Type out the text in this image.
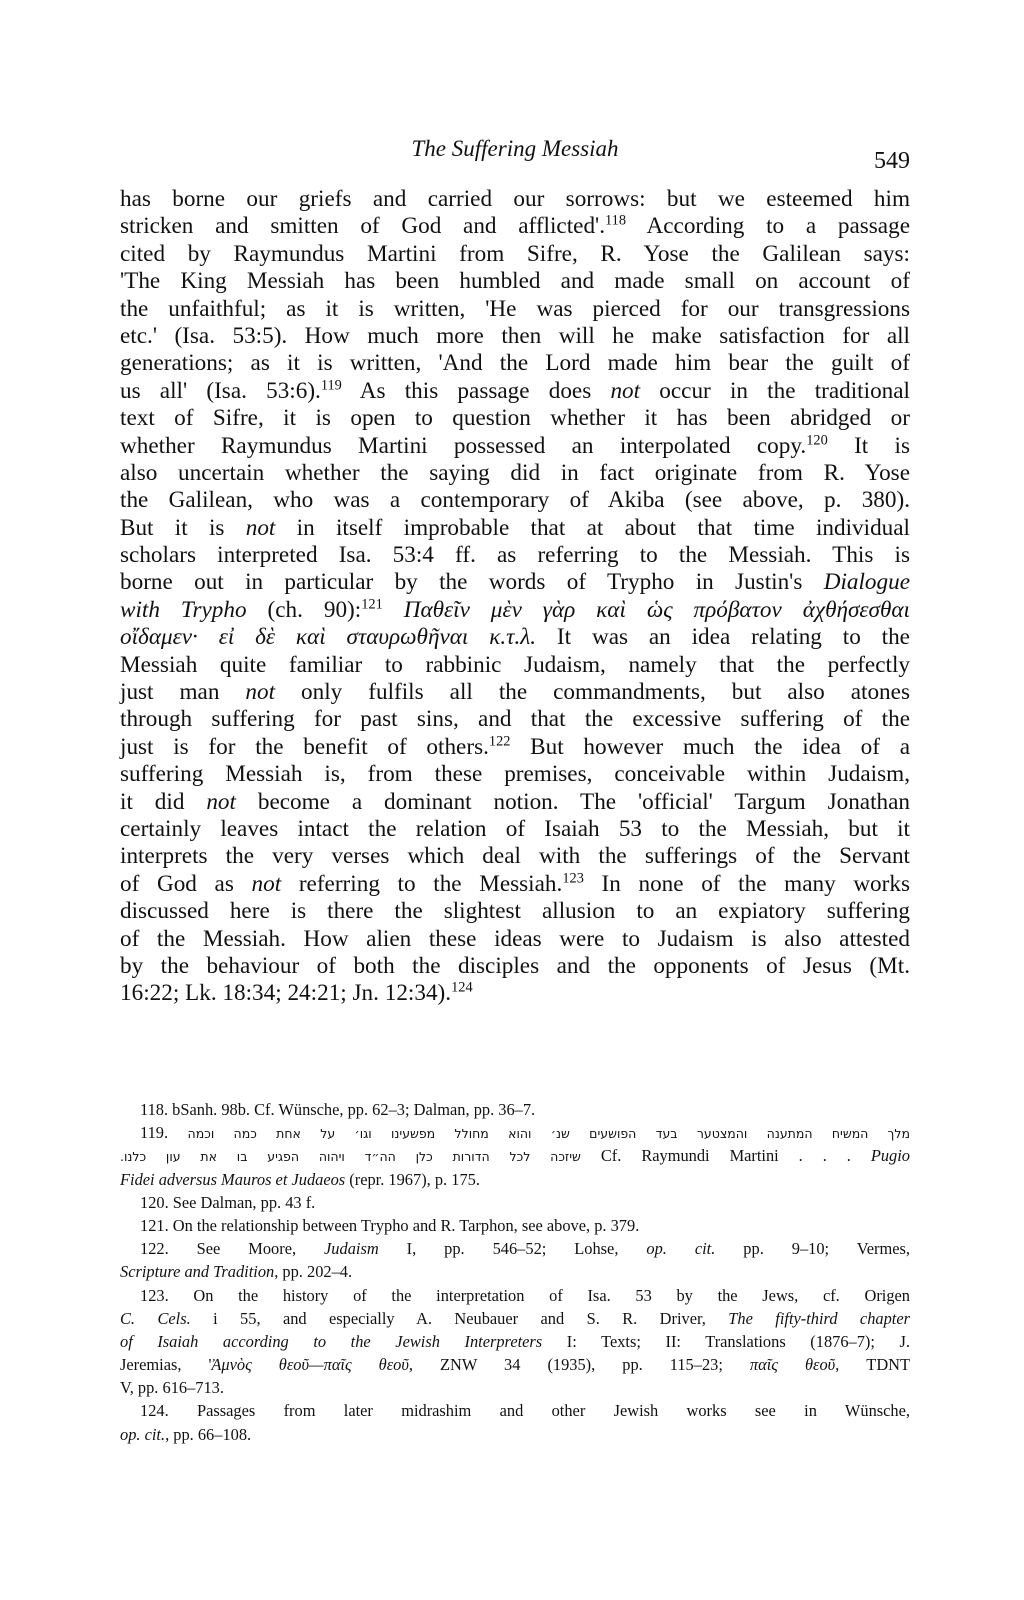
The Suffering Messiah	549
has borne our griefs and carried our sorrows: but we esteemed him
stricken and smitten of God and afflicted'.$^{118}$ According to a passage
cited by Raymundus Martini from Sifre, R. Yose the Galilean says:
'The King Messiah has been humbled and made small on account of
the unfaithful; as it is written, 'He was pierced for our transgressions
etc.' (Isa. 53:5). How much more then will he make satisfaction for all
generations; as it is written, 'And the Lord made him bear the guilt of
us all' (Isa. 53:6).$^{119}$ As this passage does not occur in the traditional
text of Sifre, it is open to question whether it has been abridged or
whether Raymundus Martini possessed an interpolated copy.$^{120}$ It is
also uncertain whether the saying did in fact originate from R. Yose
the Galilean, who was a contemporary of Akiba (see above, p. 380).
But it is not in itself improbable that at about that time individual
scholars interpreted Isa. 53:4 ff. as referring to the Messiah. This is
borne out in particular by the words of Trypho in Justin's Dialogue
with Trypho (ch. 90):$^{121}$ Παθεῖν μὲν γὰρ καὶ ὡς πρόβατον ἀχθήσεσθαι
οἴδαμεν· εἰ δὲ καὶ σταυρωθῆναι κ.τ.λ. It was an idea relating to the
Messiah quite familiar to rabbinic Judaism, namely that the perfectly
just man not only fulfils all the commandments, but also atones
through suffering for past sins, and that the excessive suffering of the
just is for the benefit of others.$^{122}$ But however much the idea of a
suffering Messiah is, from these premises, conceivable within Judaism,
it did not become a dominant notion. The 'official' Targum Jonathan
certainly leaves intact the relation of Isaiah 53 to the Messiah, but it
interprets the very verses which deal with the sufferings of the Servant
of God as not referring to the Messiah.$^{123}$ In none of the many works
discussed here is there the slightest allusion to an expiatory suffering
of the Messiah. How alien these ideas were to Judaism is also attested
by the behaviour of both the disciples and the opponents of Jesus (Mt.
16:22; Lk. 18:34; 24:21; Jn. 12:34).$^{124}$
118. bSanh. 98b. Cf. Wünsche, pp. 62–3; Dalman, pp. 36–7.
119. מלך המשיח המתענה והמצטער בעד הפושעים שנ׳ והוא מחולל מפשעינו וגו׳ על אחת כמה וכמה
שיזכה לכל הדורות כלן הה״ד ויהוה הפגיע בו את עון כלנו. Cf. Raymundi Martini . . . Pugio
Fidei adversus Mauros et Judaeos (repr. 1967), p. 175.
120. See Dalman, pp. 43 f.
121. On the relationship between Trypho and R. Tarphon, see above, p. 379.
122. See Moore, Judaism I, pp. 546–52; Lohse, op. cit. pp. 9–10; Vermes,
Scripture and Tradition, pp. 202–4.
123. On the history of the interpretation of Isa. 53 by the Jews, cf. Origen
C. Cels. i 55, and especially A. Neubauer and S. R. Driver, The fifty-third chapter
of Isaiah according to the Jewish Interpreters I: Texts; II: Translations (1876–7); J.
Jeremias, 'Ἀμνὸς θεοῦ—παῖς θεοῦ, ZNW 34 (1935), pp. 115–23; παῖς θεοῦ, TDNT
V, pp. 616–713.
124. Passages from later midrashim and other Jewish works see in Wünsche,
op. cit., pp. 66–108.
